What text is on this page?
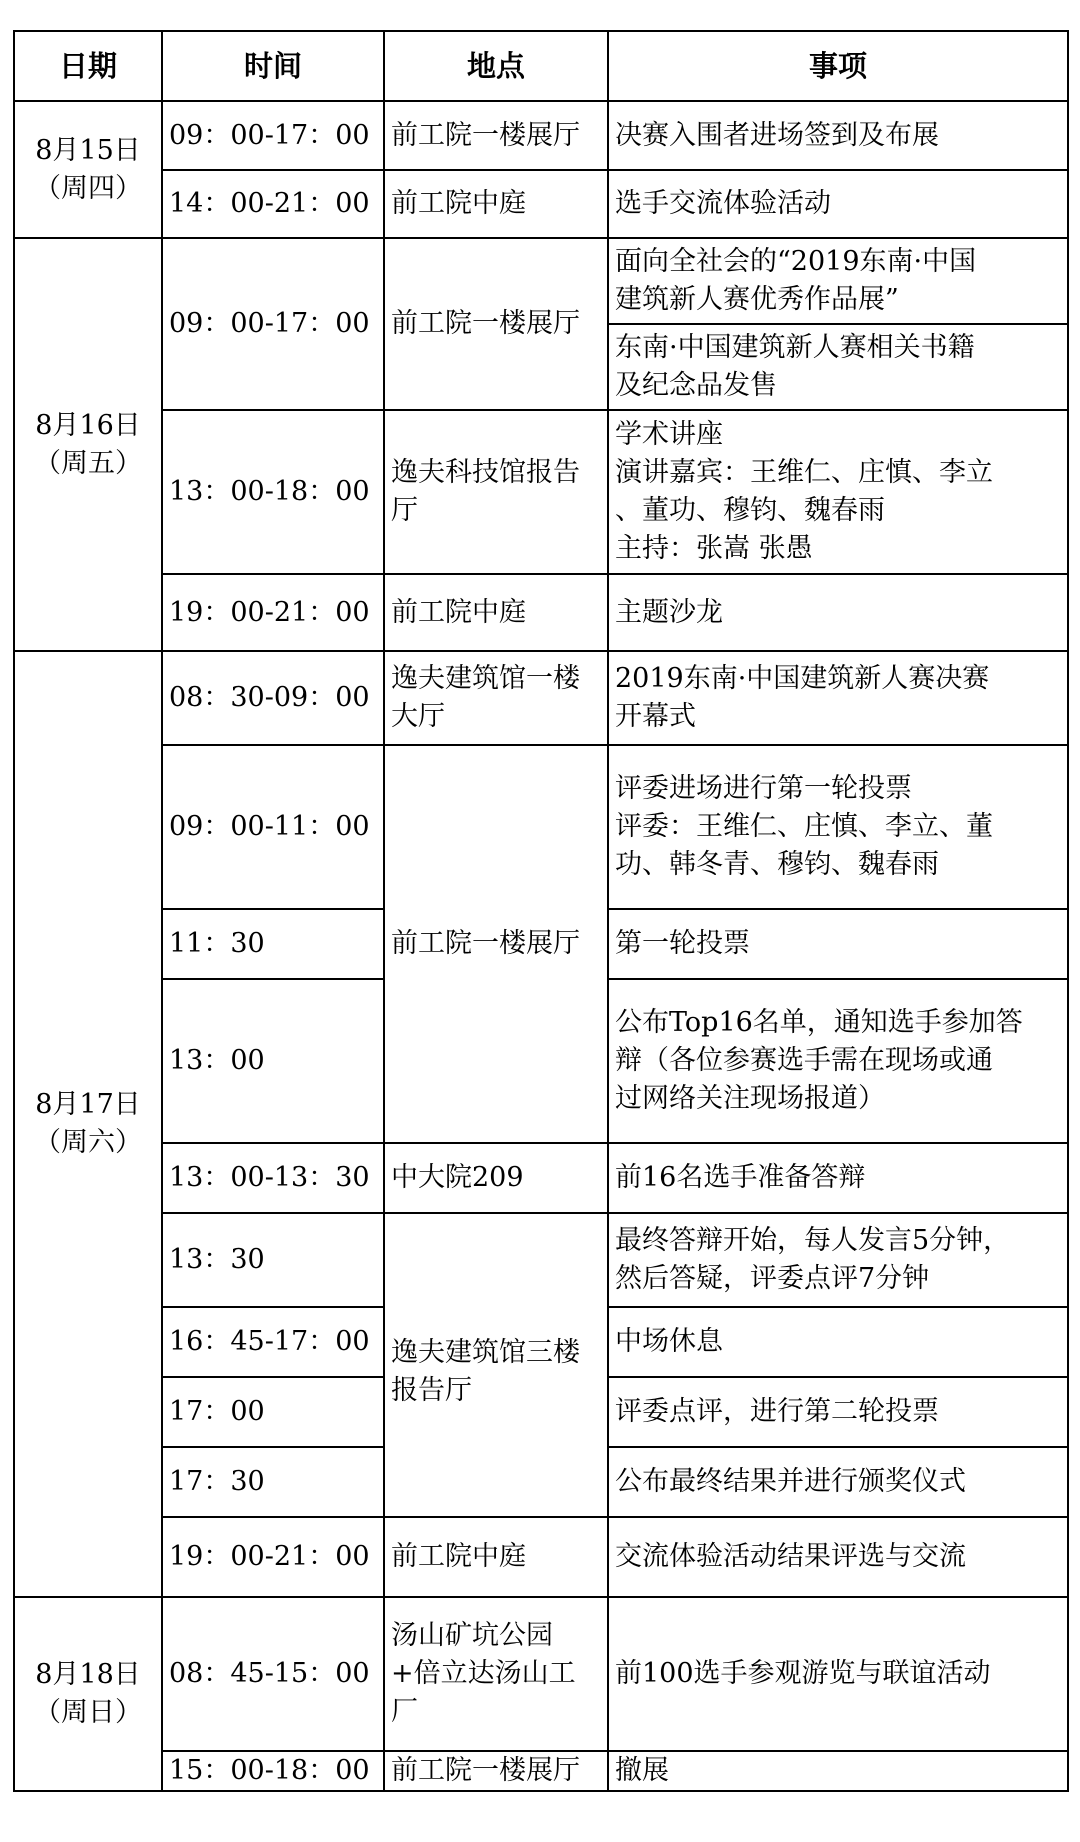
日期	时间	地点	事项

8月15日
（周四）	09：00-17：00	前工院一楼展厅	决赛入围者进场签到及布展

	14：00-21：00	前工院中庭	选手交流体验活动

8月16日
（周五）	09：00-17：00	前工院一楼展厅	面向全社会的“2019东南·中国
建筑新人赛优秀作品展”

			东南·中国建筑新人赛相关书籍
及纪念品发售

	13：00-18：00	逸夫科技馆报告厅	学术讲座
演讲嘉宾：王维仁、庄慎、李立
、董功、穆钧、魏春雨
主持：张嵩 张愚

	19：00-21：00	前工院中庭	主题沙龙

8月17日
（周六）	08：30-09：00	逸夫建筑馆一楼大厅	2019东南·中国建筑新人赛决赛
开幕式

	09：00-11：00	前工院一楼展厅	评委进场进行第一轮投票
评委：王维仁、庄慎、李立、董
功、韩冬青、穆钧、魏春雨

	11：30		第一轮投票

	13：00		公布Top16名单，通知选手参加答
辩（各位参赛选手需在现场或通
过网络关注现场报道）

	13：00-13：30	中大院209	前16名选手准备答辩

	13：30	逸夫建筑馆三楼报告厅	最终答辩开始，每人发言5分钟，
然后答疑，评委点评7分钟

	16：45-17：00		中场休息

	17：00		评委点评，进行第二轮投票

	17：30		公布最终结果并进行颁奖仪式

	19：00-21：00	前工院中庭	交流体验活动结果评选与交流

8月18日
（周日）	08：45-15：00	汤山矿坑公园+倍立达汤山工厂	前100选手参观游览与联谊活动

	15：00-18：00	前工院一楼展厅	撤展
